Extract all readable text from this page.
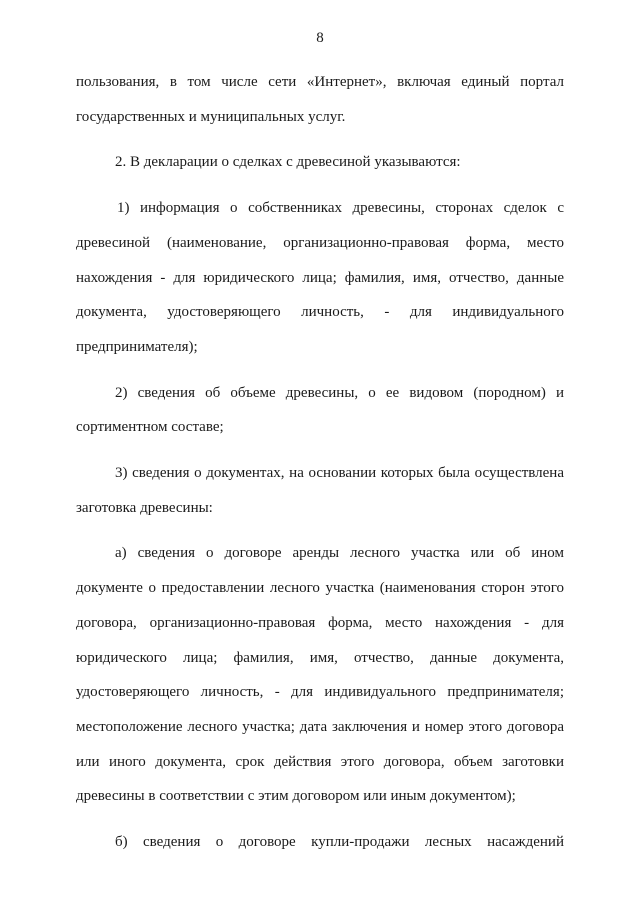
8

пользования, в том числе сети «Интернет», включая единый портал государственных и муниципальных услуг.

2. В декларации о сделках с древесиной указываются:

1) информация о собственниках древесины, сторонах сделок с древесиной (наименование, организационно-правовая форма, место нахождения - для юридического лица; фамилия, имя, отчество, данные документа, удостоверяющего личность, - для индивидуального предпринимателя);

2) сведения об объеме древесины, о ее видовом (породном) и сортиментном составе;

3) сведения о документах, на основании которых была осуществлена заготовка древесины:

а) сведения о договоре аренды лесного участка или об ином документе о предоставлении лесного участка (наименования сторон этого договора, организационно-правовая форма, место нахождения - для юридического лица; фамилия, имя, отчество, данные документа, удостоверяющего личность, - для индивидуального предпринимателя; местоположение лесного участка; дата заключения и номер этого договора или иного документа, срок действия этого договора, объем заготовки древесины в соответствии с этим договором или иным документом);

б) сведения о договоре купли-продажи лесных насаждений
